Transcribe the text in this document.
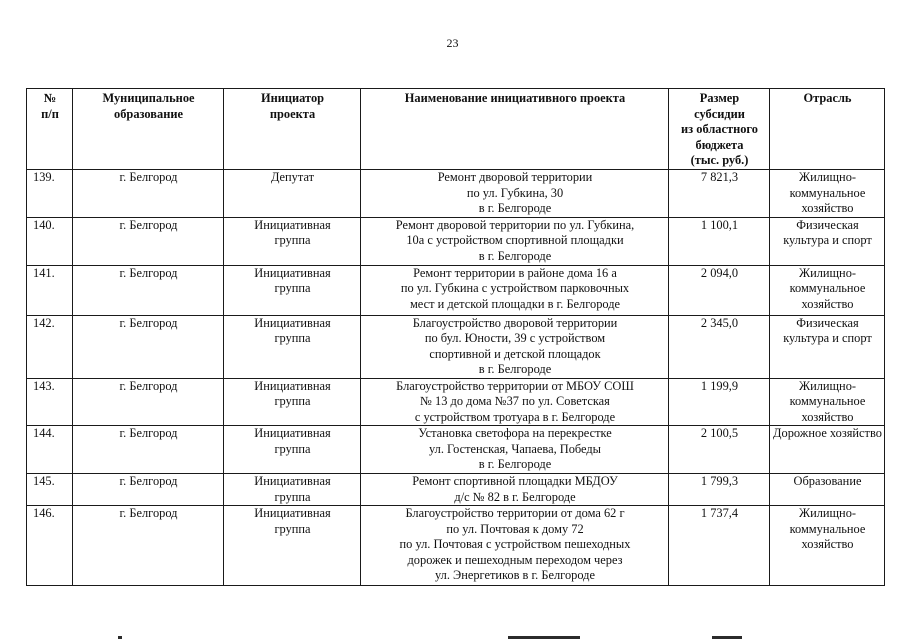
23
№
п/п	Муниципальное
образование	Инициатор
проекта	Наименование инициативного проекта	Размер
субсидии
из областного
бюджета
(тыс. руб.)	Отрасль
139.	г. Белгород	Депутат	Ремонт дворовой территории
по ул. Губкина, 30
в г. Белгороде	7 821,3	Жилищно-
коммунальное
хозяйство
140.	г. Белгород	Инициативная
группа	Ремонт дворовой территории по ул. Губкина,
10а с устройством спортивной площадки
в г. Белгороде	1 100,1	Физическая
культура и спорт
141.	г. Белгород	Инициативная
группа	Ремонт территории в районе дома 16 а
по ул. Губкина с устройством парковочных
мест и детской площадки в г. Белгороде	2 094,0	Жилищно-
коммунальное
хозяйство
142.	г. Белгород	Инициативная
группа	Благоустройство дворовой территории
по бул. Юности, 39 с устройством
спортивной и детской площадок
в г. Белгороде	2 345,0	Физическая
культура и спорт
143.	г. Белгород	Инициативная
группа	Благоустройство территории от МБОУ СОШ
№ 13 до дома №37 по ул. Советская
с устройством тротуара в г. Белгороде	1 199,9	Жилищно-
коммунальное
хозяйство
144.	г. Белгород	Инициативная
группа	Установка светофора на перекрестке
ул. Гостенская, Чапаева, Победы
в г. Белгороде	2 100,5	Дорожное хозяйство
145.	г. Белгород	Инициативная
группа	Ремонт спортивной площадки МБДОУ
д/с № 82 в г. Белгороде	1 799,3	Образование
146.	г. Белгород	Инициативная
группа	Благоустройство территории от дома 62 г
по ул. Почтовая к дому 72
по ул. Почтовая с устройством пешеходных
дорожек и пешеходным переходом через
ул. Энергетиков в г. Белгороде	1 737,4	Жилищно-
коммунальное
хозяйство
